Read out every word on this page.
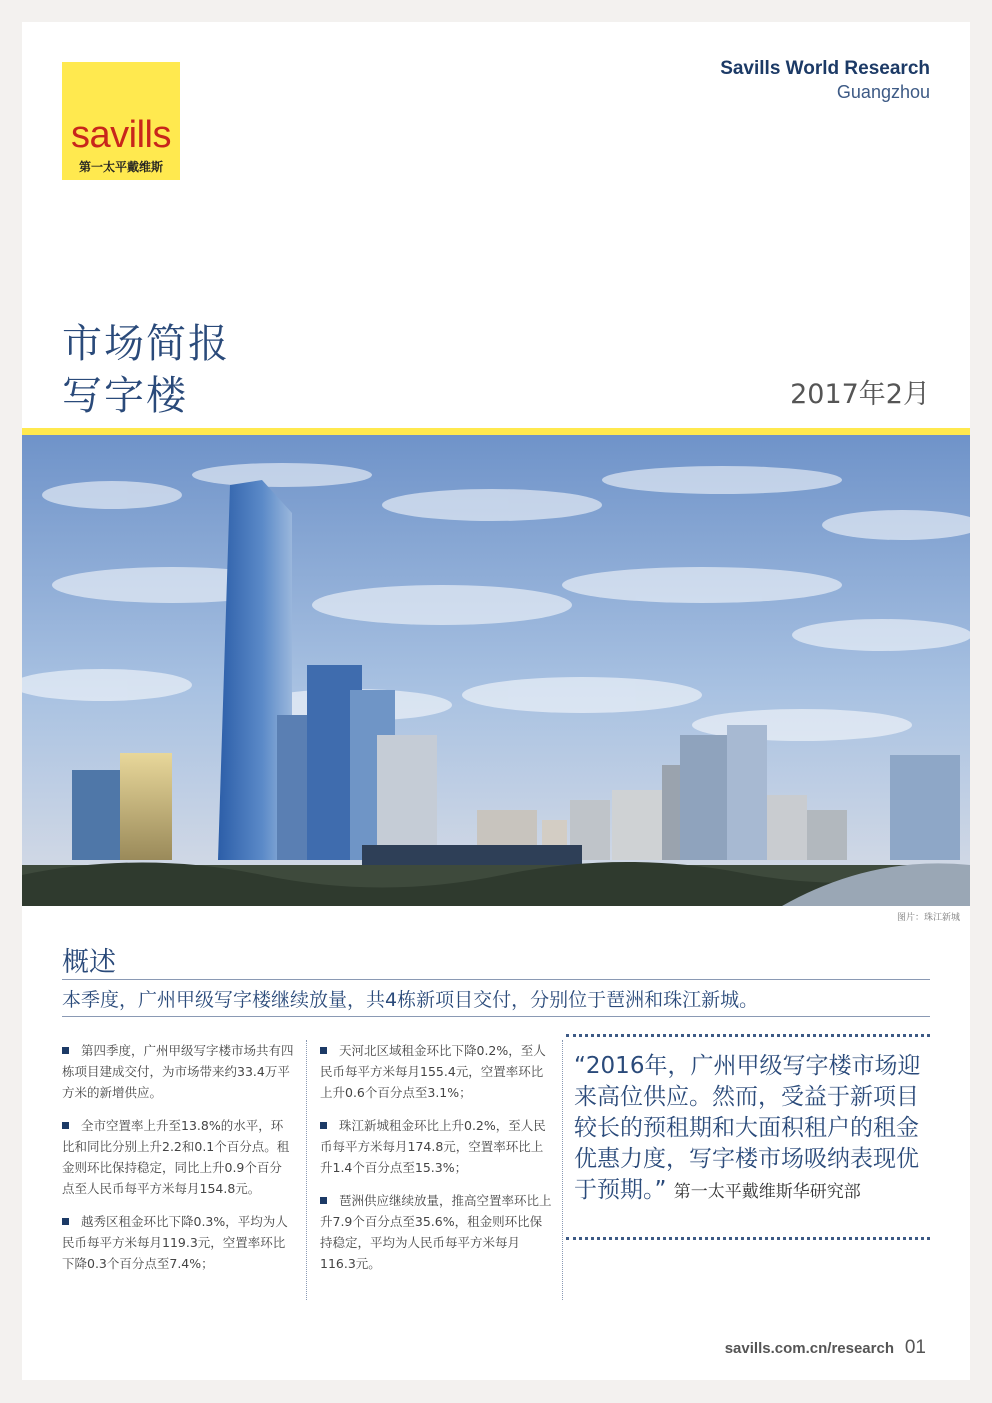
savills
第一太平戴维斯
Savills World Research
Guangzhou
市场简报
写字楼	2017年2月
图片：珠江新城
概述
本季度，广州甲级写字楼继续放量，共4栋新项目交付，分别位于琶洲和珠江新城。

第四季度，广州甲级写字楼市场共有四栋项目建成交付，为市场带来约33.4万平方米的新增供应。

全市空置率上升至13.8%的水平，环比和同比分别上升2.2和0.1个百分点。租金则环比保持稳定，同比上升0.9个百分点至人民币每平方米每月154.8元。

越秀区租金环比下降0.3%，平均为人民币每平方米每月119.3元，空置率环比下降0.3个百分点至7.4%；

天河北区域租金环比下降0.2%，至人民币每平方米每月155.4元，空置率环比上升0.6个百分点至3.1%；

珠江新城租金环比上升0.2%，至人民币每平方米每月174.8元，空置率环比上升1.4个百分点至15.3%；

琶洲供应继续放量，推高空置率环比上升7.9个百分点至35.6%，租金则环比保持稳定，平均为人民币每平方米每月116.3元。

“2016年，广州甲级写字楼市场迎来高位供应。然而，受益于新项目较长的预租期和大面积租户的租金优惠力度，写字楼市场吸纳表现优于预期。” 第一太平戴维斯华研究部
savills.com.cn/research 01
